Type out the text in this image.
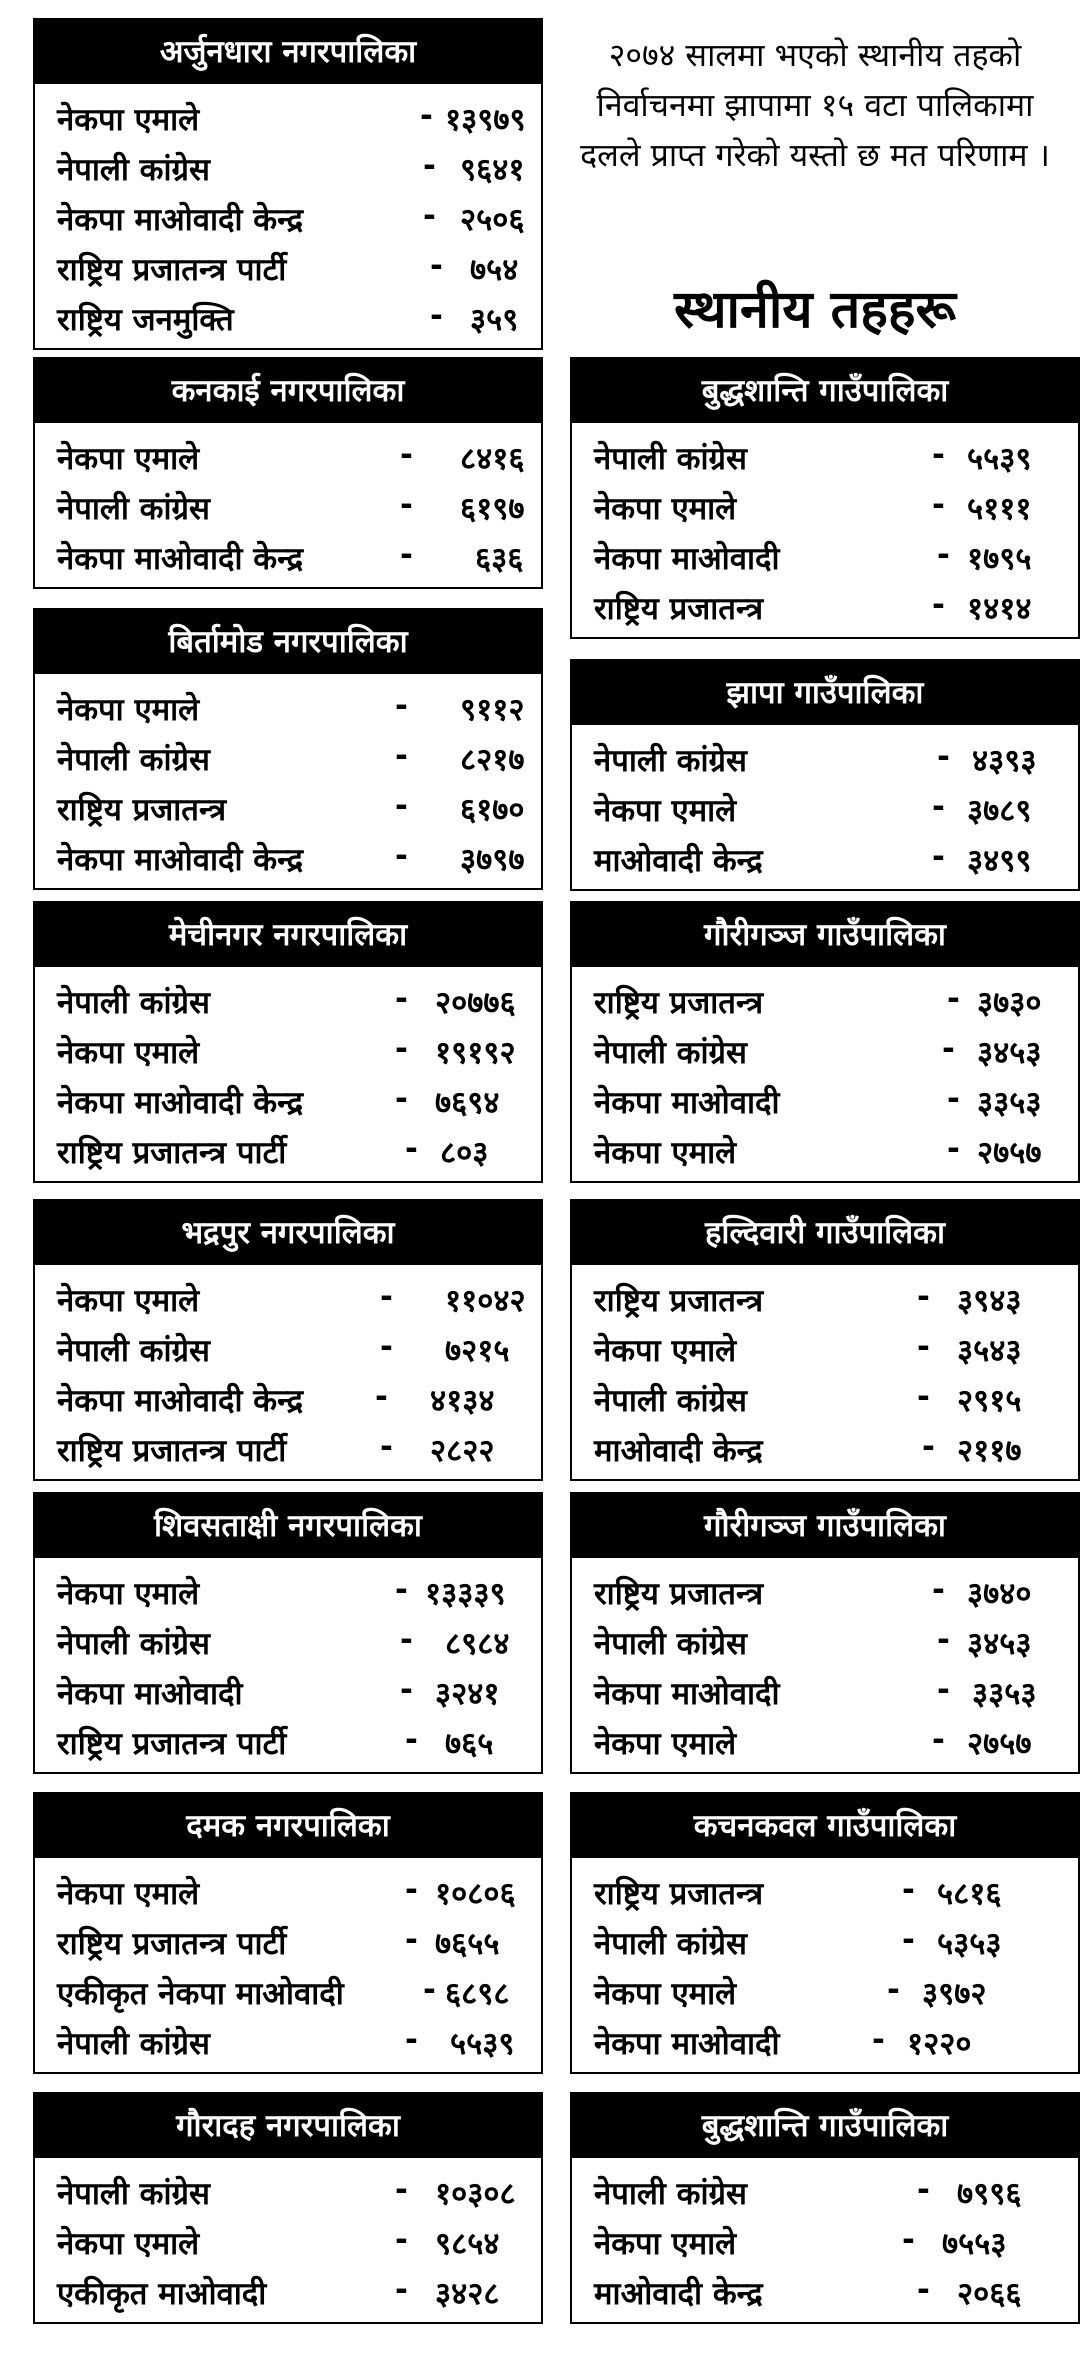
२०७४ सालमा भएको स्थानीय तहको निर्वाचनमा झापामा १५ वटा पालिकामा दलले प्राप्त गरेको यस्तो छ मत परिणाम ।
स्थानीय तहहरू
अर्जुनधारा नगरपालिका
नेकपा एमाले	- १३९७९
नेपाली कांग्रेस	- ९६४१
नेकपा माओवादी केन्द्र	- २५०६
राष्ट्रिय प्रजातन्त्र पार्टी	- ७५४
राष्ट्रिय जनमुक्ति	- ३५९
कनकाई नगरपालिका
नेकपा एमाले	- ८४१६
नेपाली कांग्रेस	- ६१९७
नेकपा माओवादी केन्द्र	- ६३६
बिर्तामोड नगरपालिका
नेकपा एमाले	- ९११२
नेपाली कांग्रेस	- ८२१७
राष्ट्रिय प्रजातन्त्र	- ६१७०
नेकपा माओवादी केन्द्र	- ३७९७
मेचीनगर नगरपालिका
नेपाली कांग्रेस	- २०७७६
नेकपा एमाले	- १९१९२
नेकपा माओवादी केन्द्र	- ७६९४
राष्ट्रिय प्रजातन्त्र पार्टी	- ८०३
भद्रपुर नगरपालिका
नेकपा एमाले	- ११०४२
नेपाली कांग्रेस	- ७२१५
नेकपा माओवादी केन्द्र - ४१३४
राष्ट्रिय प्रजातन्त्र पार्टी	- २८२२
शिवसताक्षी नगरपालिका
नेकपा एमाले	- १३३३९
नेपाली कांग्रेस	- ८९८४
नेकपा माओवादी	- ३२४१
राष्ट्रिय प्रजातन्त्र पार्टी	- ७६५
दमक नगरपालिका
नेकपा एमाले	- १०८०६
राष्ट्रिय प्रजातन्त्र पार्टी	- ७६५५
एकीकृत नेकपा माओवादी	- ६८९८
नेपाली कांग्रेस	- ५५३९
गौरादह नगरपालिका
नेपाली कांग्रेस	- १०३०८
नेकपा एमाले	- ९८५४
एकीकृत माओवादी	- ३४२८
बुद्धशान्ति गाउँपालिका
नेपाली कांग्रेस	- ५५३९
नेकपा एमाले	- ५१११
नेकपा माओवादी	- १७९५
राष्ट्रिय प्रजातन्त्र	- १४१४
झापा गाउँपालिका
नेपाली कांग्रेस	- ४३९३
नेकपा एमाले	- ३७८९
माओवादी केन्द्र	- ३४९९
गौरीगञ्ज गाउँपालिका
राष्ट्रिय प्रजातन्त्र	- ३७३०
नेपाली कांग्रेस	- ३४५३
नेकपा माओवादी	- ३३५३
नेकपा एमाले	- २७५७
हल्दिवारी गाउँपालिका
राष्ट्रिय प्रजातन्त्र	- ३९४३
नेकपा एमाले	- ३५४३
नेपाली कांग्रेस	- २९१५
माओवादी केन्द्र	- २११७
गौरीगञ्ज गाउँपालिका
राष्ट्रिय प्रजातन्त्र	- ३७४०
नेपाली कांग्रेस	- ३४५३
नेकपा माओवादी	- ३३५३
नेकपा एमाले	- २७५७
कचनकवल गाउँपालिका
राष्ट्रिय प्रजातन्त्र	- ५८१६
नेपाली कांग्रेस	- ५३५३
नेकपा एमाले	- ३९७२
नेकपा माओवादी	- १२२०
बुद्धशान्ति गाउँपालिका
नेपाली कांग्रेस	- ७९९६
नेकपा एमाले	- ७५५३
माओवादी केन्द्र	- २०६६
